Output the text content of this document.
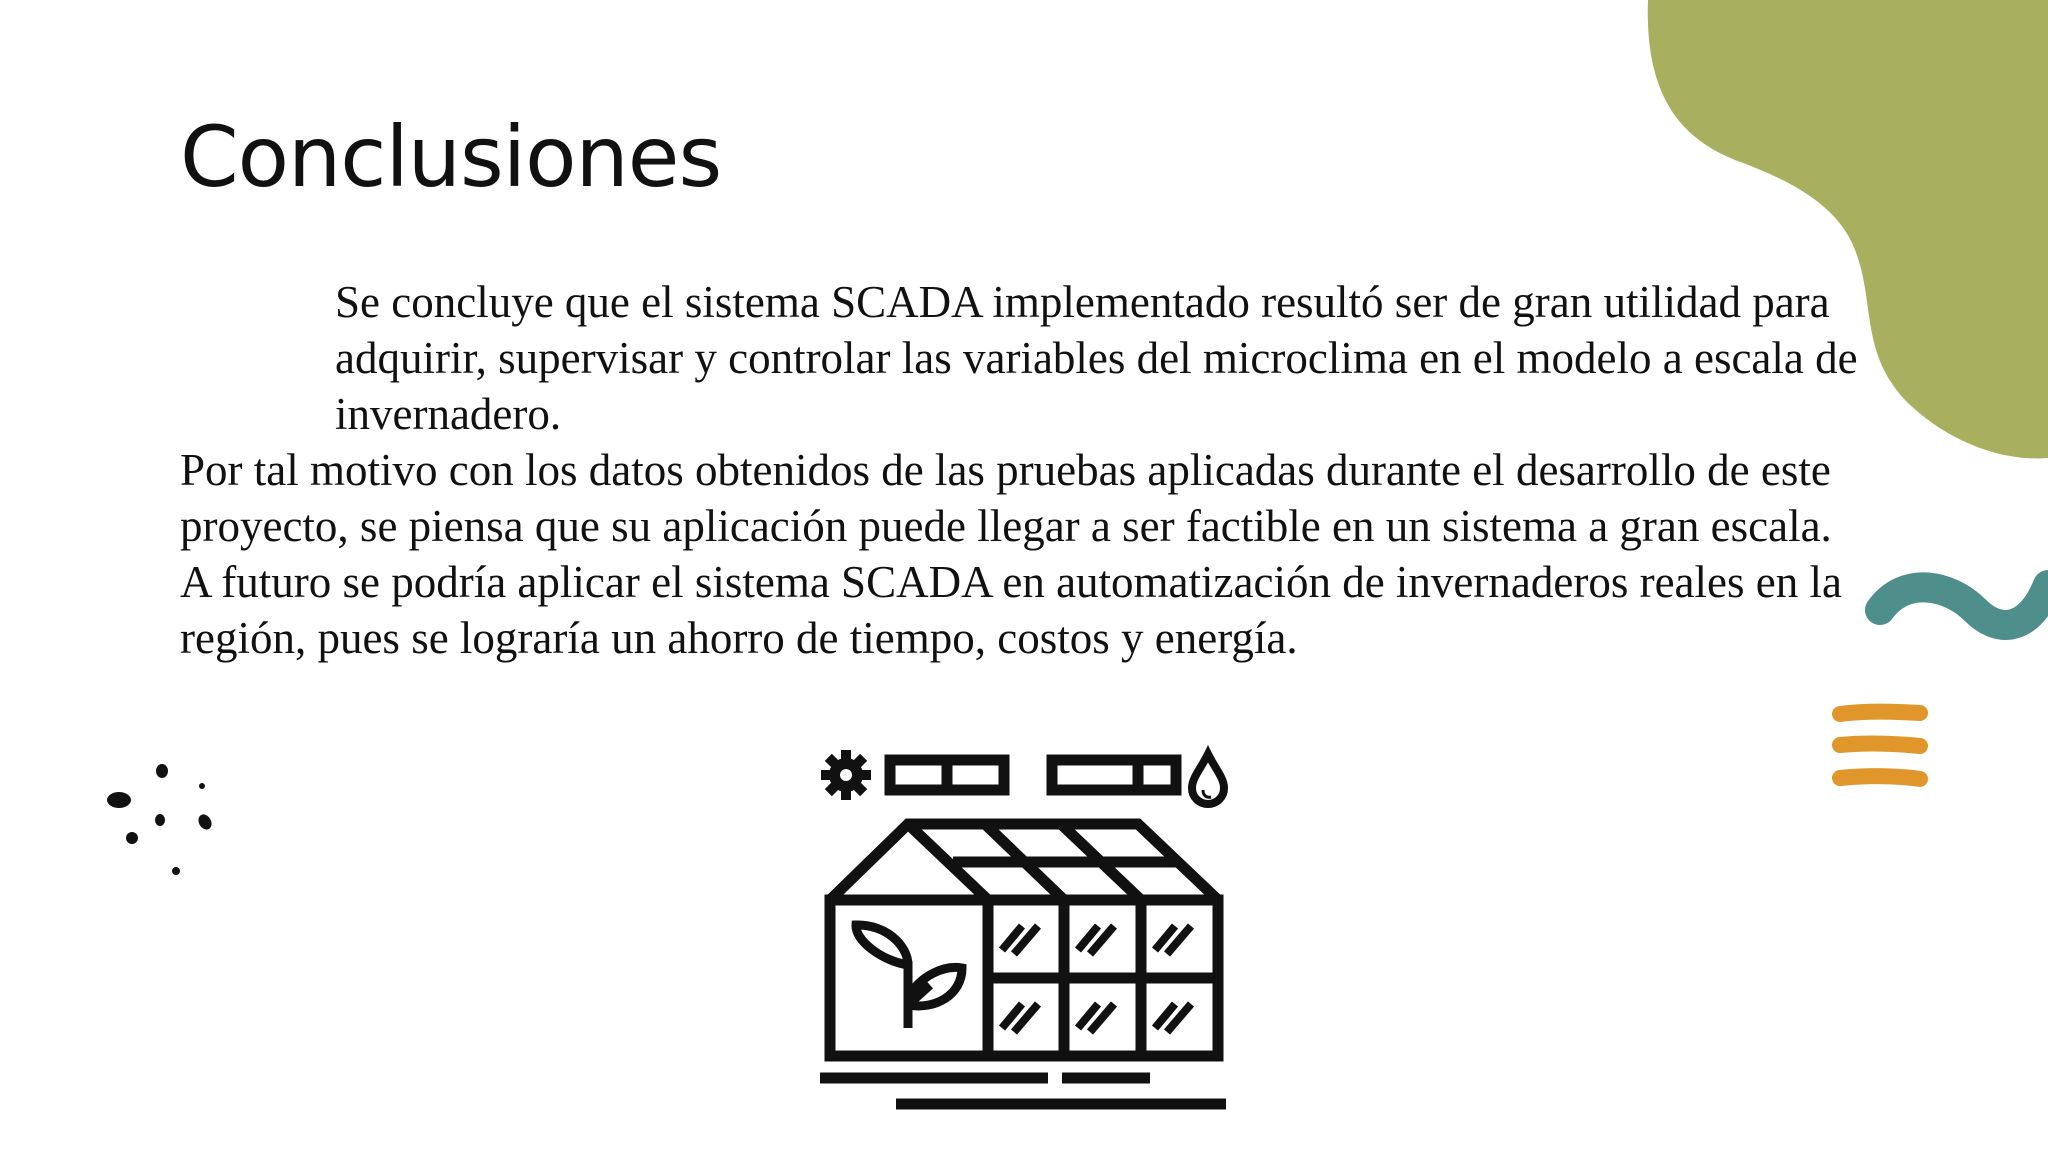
Conclusiones

Se concluye que el sistema SCADA implementado resultó ser de gran utilidad para adquirir, supervisar y controlar las variables del microclima en el modelo a escala de invernadero.

Por tal motivo con los datos obtenidos de las pruebas aplicadas durante el desarrollo de este proyecto, se piensa que su aplicación puede llegar a ser factible en un sistema a gran escala.

A futuro se podría aplicar el sistema SCADA en automatización de invernaderos reales en la región, pues se lograría un ahorro de tiempo, costos y energía.
